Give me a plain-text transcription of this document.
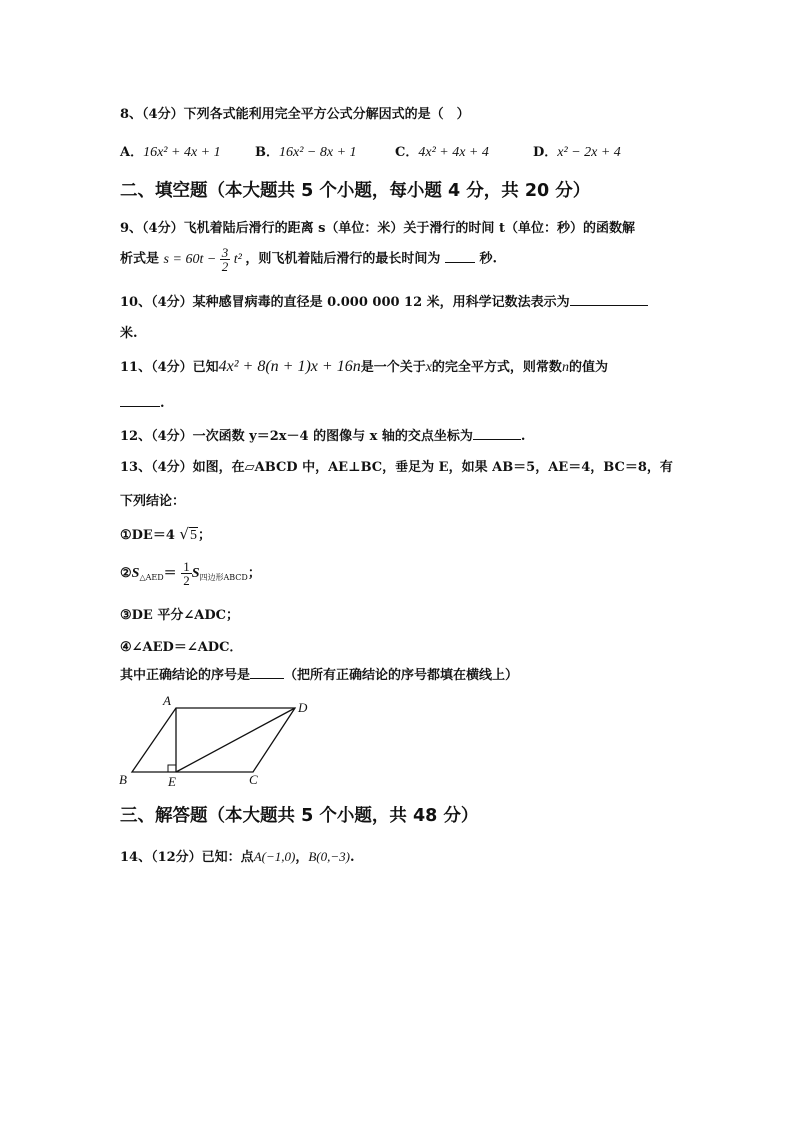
8、（4分）下列各式能利用完全平方公式分解因式的是（　）
A．16x² + 4x + 1	B．16x² − 8x + 1	C．4x² + 4x + 4	D．x² − 2x + 4
二、填空题（本大题共 5 个小题，每小题 4 分，共 20 分）
9、（4分）飞机着陆后滑行的距离 s（单位：米）关于滑行的时间 t（单位：秒）的函数解
析式是 $s = 60t - \frac{3}{2} t^2$ ，则飞机着陆后滑行的最长时间为	秒.
10、（4分）某种感冒病毒的直径是 0.000 000 12 米，用科学记数法表示为
米.
11、（4分）已知4x² + 8(n + 1)x + 16n是一个关于x的完全平方式，则常数n的值为
.
12、（4分）一次函数 y＝2x－4 的图像与 x 轴的交点坐标为	.
13、（4分）如图，在▱ABCD 中，AE⊥BC，垂足为 E，如果 AB＝5，AE＝4，BC＝8，有
下列结论：
①DE＝4 √5；
$②S_{\triangle AED}= \frac{1}{2} S_{四边形ABCD}$；
③DE 平分∠ADC；
④∠AED＝∠ADC．
其中正确结论的序号是	（把所有正确结论的序号都填在横线上）
A	D
B	E	C
三、解答题（本大题共 5 个小题，共 48 分）
14、（12分）已知：点A(−1,0)，B(0,−3).
